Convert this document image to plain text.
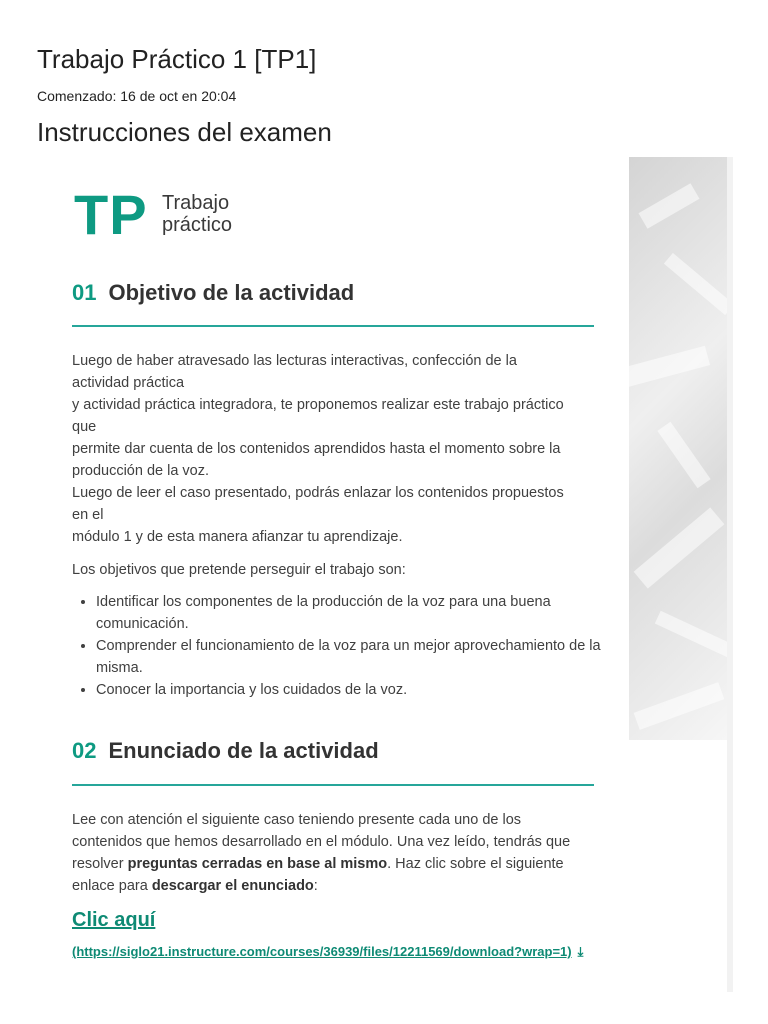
Trabajo Práctico 1 [TP1]
Comenzado: 16 de oct en 20:04
Instrucciones del examen
TP Trabajo
práctico
01 Objetivo de la actividad
Luego de haber atravesado las lecturas interactivas, confección de la
actividad práctica
y actividad práctica integradora, te proponemos realizar este trabajo práctico
que
permite dar cuenta de los contenidos aprendidos hasta el momento sobre la
producción de la voz.
Luego de leer el caso presentado, podrás enlazar los contenidos propuestos
en el
módulo 1 y de esta manera afianzar tu aprendizaje.
Los objetivos que pretende perseguir el trabajo son:
• Identificar los componentes de la producción de la voz para una buena comunicación.
• Comprender el funcionamiento de la voz para un mejor aprovechamiento de la misma.
• Conocer la importancia y los cuidados de la voz.
02 Enunciado de la actividad
Lee con atención el siguiente caso teniendo presente cada uno de los contenidos que hemos desarrollado en el módulo. Una vez leído, tendrás que resolver preguntas cerradas en base al mismo. Haz clic sobre el siguiente enlace para descargar el enunciado:
Clic aquí
(https://siglo21.instructure.com/courses/36939/files/12211569/download?wrap=1) ⤓
